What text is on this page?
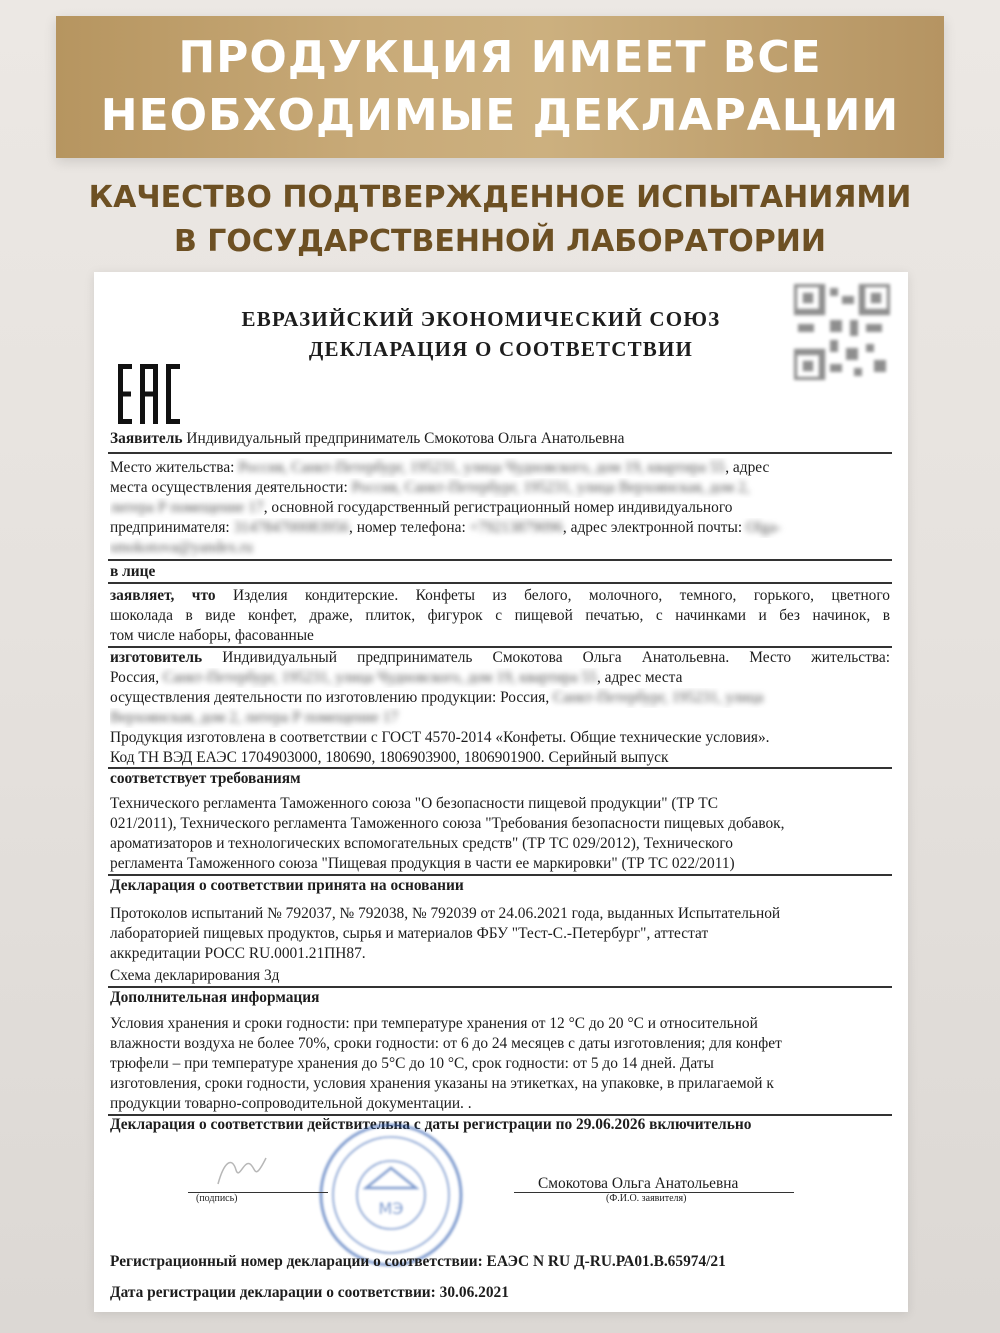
ПРОДУКЦИЯ ИМЕЕТ ВСЕ
НЕОБХОДИМЫЕ ДЕКЛАРАЦИИ
КАЧЕСТВО ПОДТВЕРЖДЕННОЕ ИСПЫТАНИЯМИ
В ГОСУДАРСТВЕННОЙ ЛАБОРАТОРИИ
ЕВРАЗИЙСКИЙ ЭКОНОМИЧЕСКИЙ СОЮЗ
ДЕКЛАРАЦИЯ О СООТВЕТСТВИИ
Заявитель Индивидуальный предприниматель Смокотова Ольга Анатольевна
Место жительства: Россия, Санкт-Петербург, 195231, улица Чудновского, дом 19, квартира 55, адрес
места осуществления деятельности: Россия, Санкт-Петербург, 195231, улица Верхоянская, дом 2,
литера Р помещение 17, основной государственный регистрационный номер индивидуального
предпринимателя: 314784700083956, номер телефона: +79213879096, адрес электронной почты: Olga-
smokotova@yandex.ru
в лице
заявляет, что Изделия кондитерские. Конфеты из белого, молочного, темного, горького, цветного
шоколада в виде конфет, драже, плиток, фигурок с пищевой печатью, с начинками и без начинок, в
том числе наборы, фасованные
изготовитель Индивидуальный предприниматель Смокотова Ольга Анатольевна. Место жительства:
Россия, Санкт-Петербург, 195231, улица Чудновского, дом 19, квартира 55, адрес места
осуществления деятельности по изготовлению продукции: Россия, Санкт-Петербург, 195231, улица
Верхоянская, дом 2, литера Р помещение 17
Продукция изготовлена в соответствии с ГОСТ 4570-2014 «Конфеты. Общие технические условия».
Код ТН ВЭД ЕАЭС 1704903000, 180690, 1806903900, 1806901900. Серийный выпуск
соответствует требованиям
Технического регламента Таможенного союза "О безопасности пищевой продукции" (ТР ТС
021/2011), Технического регламента Таможенного союза "Требования безопасности пищевых добавок,
ароматизаторов и технологических вспомогательных средств" (ТР ТС 029/2012), Технического
регламента Таможенного союза "Пищевая продукция в части ее маркировки" (ТР ТС 022/2011)
Декларация о соответствии принята на основании
Протоколов испытаний № 792037, № 792038, № 792039 от 24.06.2021 года, выданных Испытательной
лабораторией пищевых продуктов, сырья и материалов ФБУ "Тест-С.-Петербург", аттестат
аккредитации РОСС RU.0001.21ПН87.
Схема декларирования 3д
Дополнительная информация
Условия хранения и сроки годности: при температуре хранения от 12 °С до 20 °С и относительной
влажности воздуха не более 70%, сроки годности: от 6 до 24 месяцев с даты изготовления; для конфет
трюфели – при температуре хранения до 5°С до 10 °С, срок годности: от 5 до 14 дней. Даты
изготовления, сроки годности, условия хранения указаны на этикетках, на упаковке, в прилагаемой к
продукции товарно-сопроводительной документации. .
Декларация о соответствии действительна с даты регистрации по 29.06.2026 включительно
МЭ
Смокотова Ольга Анатольевна
(подпись)	(Ф.И.О. заявителя)
Регистрационный номер декларации о соответствии: ЕАЭС N RU Д-RU.РА01.В.65974/21
Дата регистрации декларации о соответствии: 30.06.2021
